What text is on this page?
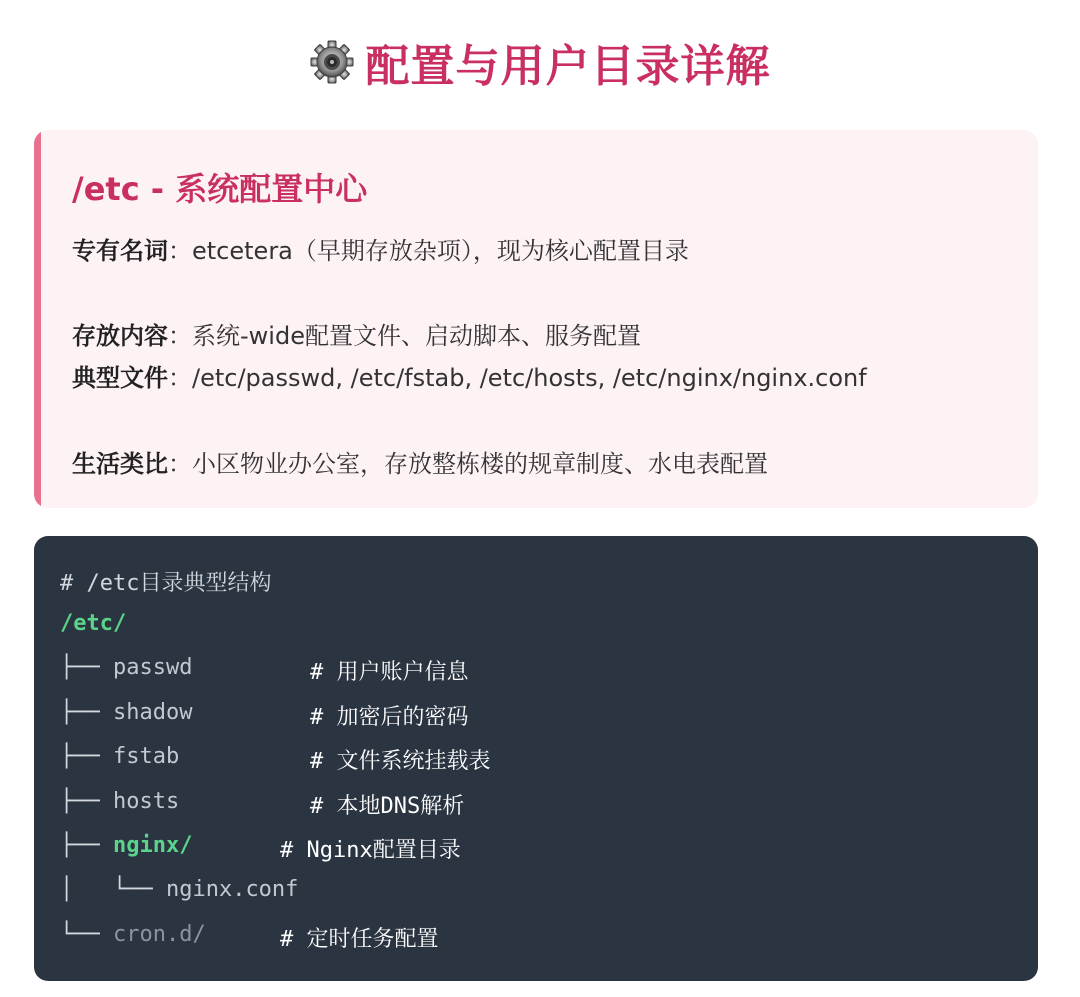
配置与用户目录详解
/etc - 系统配置中心
专有名词：etcetera（早期存放杂项），现为核心配置目录
存放内容：系统-wide配置文件、启动脚本、服务配置
典型文件：/etc/passwd, /etc/fstab, /etc/hosts, /etc/nginx/nginx.conf
生活类比：小区物业办公室，存放整栋楼的规章制度、水电表配置
# /etc目录典型结构
/etc/
├── passwd	# 用户账户信息
├── shadow	# 加密后的密码
├── fstab	# 文件系统挂载表
├── hosts	# 本地DNS解析
├── nginx/	# Nginx配置目录
│   └── nginx.conf
└── cron.d/	# 定时任务配置
